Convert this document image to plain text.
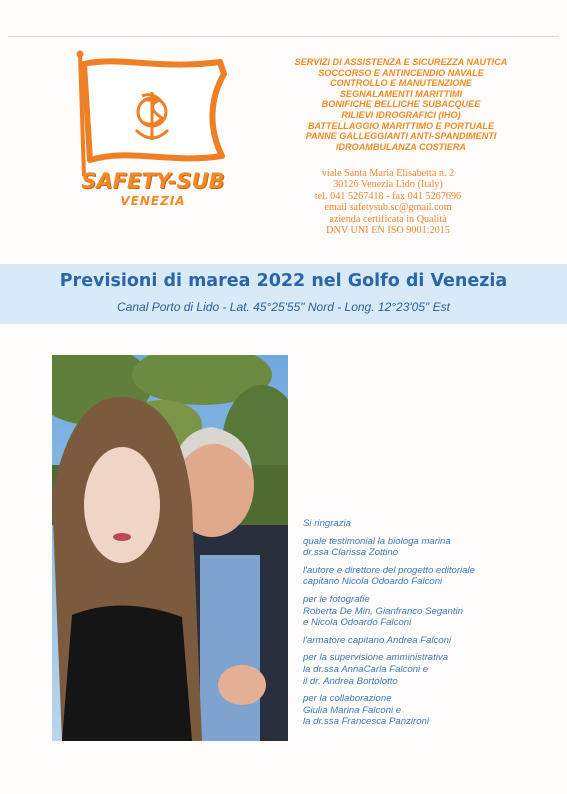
SAFETY-SUB
VENEZIA
SERVIZI DI ASSISTENZA E SICUREZZA NAUTICA
SOCCORSO E ANTINCENDIO NAVALE
CONTROLLO E MANUTENZIONE
SEGNALAMENTI MARITTIMI
BONIFICHE BELLICHE SUBACQUEE
RILIEVI IDROGRAFICI (IHO)
BATTELLAGGIO MARITTIMO E PORTUALE
PANNE GALLEGGIANTI ANTI-SPANDIMENTI
IDROAMBULANZA COSTIERA
viale Santa Maria Elisabetta n. 2
30126 Venezia Lido (Italy)
tel. 041 5267418 - fax 041 5267696
email safetysub.sc@gmail.com
azienda certificata in Qualità
DNV UNI EN ISO 9001:2015
Previsioni di marea 2022 nel Golfo di Venezia
Canal Porto di Lido - Lat. 45°25'55" Nord - Long. 12°23'05" Est
Si ringrazia
quale testimonial la biologa marina
dr.ssa Clarissa Zottino
l'autore e direttore del progetto editoriale
capitano Nicola Odoardo Falconi
per le fotografie
Roberta De Min, Gianfranco Segantin
e Nicola Odoardo Falconi
l'armatore capitano Andrea Falconi
per la supervisione amministrativa
la dr.ssa AnnaCarla Falconi e
il dr. Andrea Bortolotto
per la collaborazione
Giulia Marina Falconi e
la dr.ssa Francesca Panzironi
